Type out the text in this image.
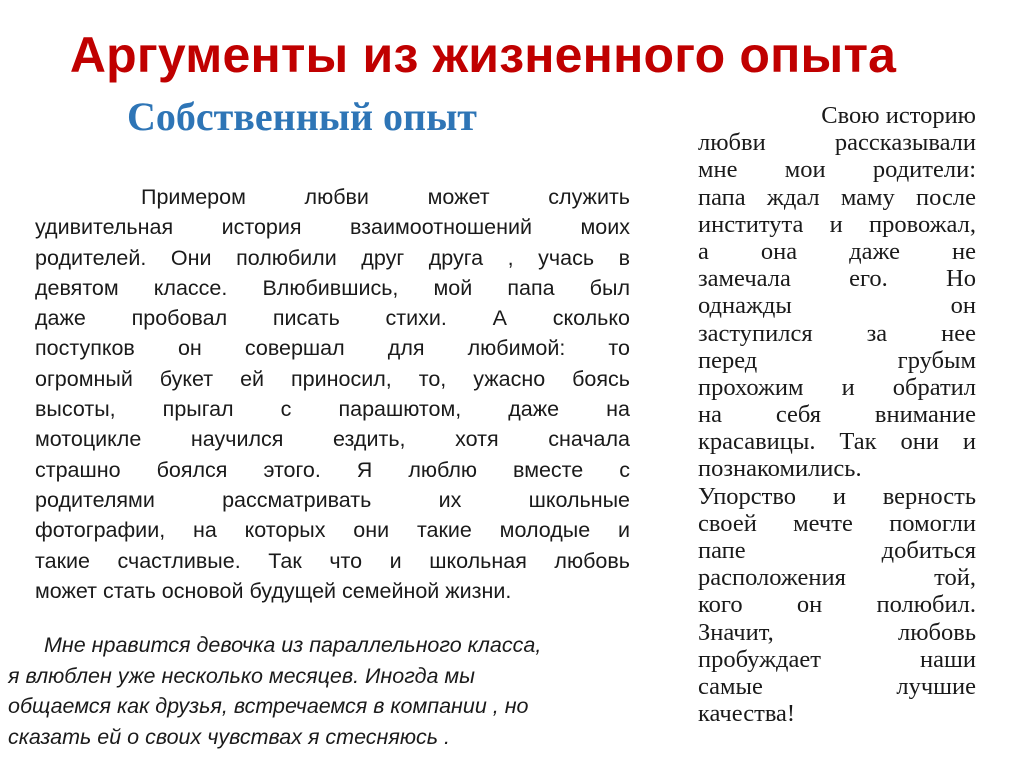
Аргументы из жизненного опыта
Собственный опыт
Примером любви может служить
удивительная история взаимоотношений моих
родителей. Они полюбили друг друга , учась в
девятом классе. Влюбившись, мой папа был
даже пробовал писать стихи. А сколько
поступков он совершал для любимой: то
огромный букет ей приносил, то, ужасно боясь
высоты, прыгал с парашютом, даже на
мотоцикле научился ездить, хотя сначала
страшно боялся этого. Я люблю вместе с
родителями рассматривать их школьные
фотографии, на которых они такие молодые и
такие счастливые. Так что и школьная любовь
может стать основой будущей семейной жизни.
Мне нравится девочка из параллельного класса,
я влюблен уже несколько месяцев. Иногда мы
общаемся как друзья, встречаемся в компании , но
сказать ей о своих чувствах я стесняюсь .
Свою историю
любви рассказывали
мне мои родители:
папа ждал маму после
института и провожал,
а она даже не
замечала его. Но
однажды он
заступился за нее
перед грубым
прохожим и обратил
на себя внимание
красавицы. Так они и
познакомились.
Упорство и верность
своей мечте помогли
папе добиться
расположения той,
кого он полюбил.
Значит, любовь
пробуждает наши
самые лучшие
качества!
